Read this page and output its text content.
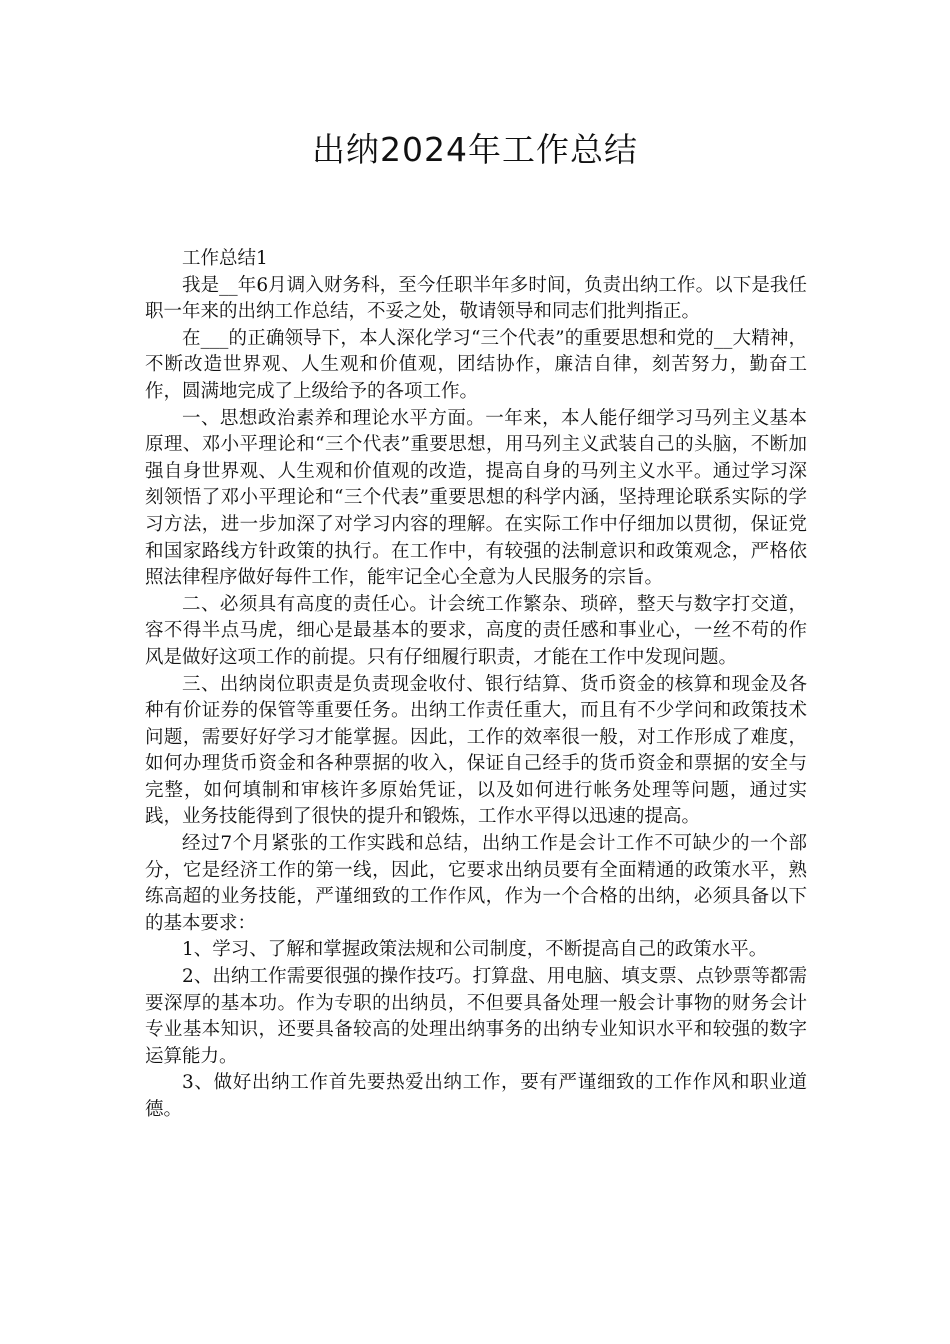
出纳2024年工作总结

工作总结1

我是__年6月调入财务科，至今任职半年多时间，负责出纳工作。以下是我任职一年来的出纳工作总结，不妥之处，敬请领导和同志们批判指正。

在___的正确领导下，本人深化学习“三个代表”的重要思想和党的__大精神，不断改造世界观、人生观和价值观，团结协作，廉洁自律，刻苦努力，勤奋工作，圆满地完成了上级给予的各项工作。

一、思想政治素养和理论水平方面。一年来，本人能仔细学习马列主义基本原理、邓小平理论和“三个代表”重要思想，用马列主义武装自己的头脑，不断加强自身世界观、人生观和价值观的改造，提高自身的马列主义水平。通过学习深刻领悟了邓小平理论和“三个代表”重要思想的科学内涵，坚持理论联系实际的学习方法，进一步加深了对学习内容的理解。在实际工作中仔细加以贯彻，保证党和国家路线方针政策的执行。在工作中，有较强的法制意识和政策观念，严格依照法律程序做好每件工作，能牢记全心全意为人民服务的宗旨。

二、必须具有高度的责任心。计会统工作繁杂、琐碎，整天与数字打交道，容不得半点马虎，细心是最基本的要求，高度的责任感和事业心，一丝不苟的作风是做好这项工作的前提。只有仔细履行职责，才能在工作中发现问题。

三、出纳岗位职责是负责现金收付、银行结算、货币资金的核算和现金及各种有价证券的保管等重要任务。出纳工作责任重大，而且有不少学问和政策技术问题，需要好好学习才能掌握。因此，工作的效率很一般，对工作形成了难度，如何办理货币资金和各种票据的收入，保证自己经手的货币资金和票据的安全与完整，如何填制和审核许多原始凭证，以及如何进行帐务处理等问题，通过实践，业务技能得到了很快的提升和锻炼，工作水平得以迅速的提高。

经过7个月紧张的工作实践和总结，出纳工作是会计工作不可缺少的一个部分，它是经济工作的第一线，因此，它要求出纳员要有全面精通的政策水平，熟练高超的业务技能，严谨细致的工作作风，作为一个合格的出纳，必须具备以下的基本要求：

1、学习、了解和掌握政策法规和公司制度，不断提高自己的政策水平。

2、出纳工作需要很强的操作技巧。打算盘、用电脑、填支票、点钞票等都需要深厚的基本功。作为专职的出纳员，不但要具备处理一般会计事物的财务会计专业基本知识，还要具备较高的处理出纳事务的出纳专业知识水平和较强的数字运算能力。

3、做好出纳工作首先要热爱出纳工作，要有严谨细致的工作作风和职业道德。
